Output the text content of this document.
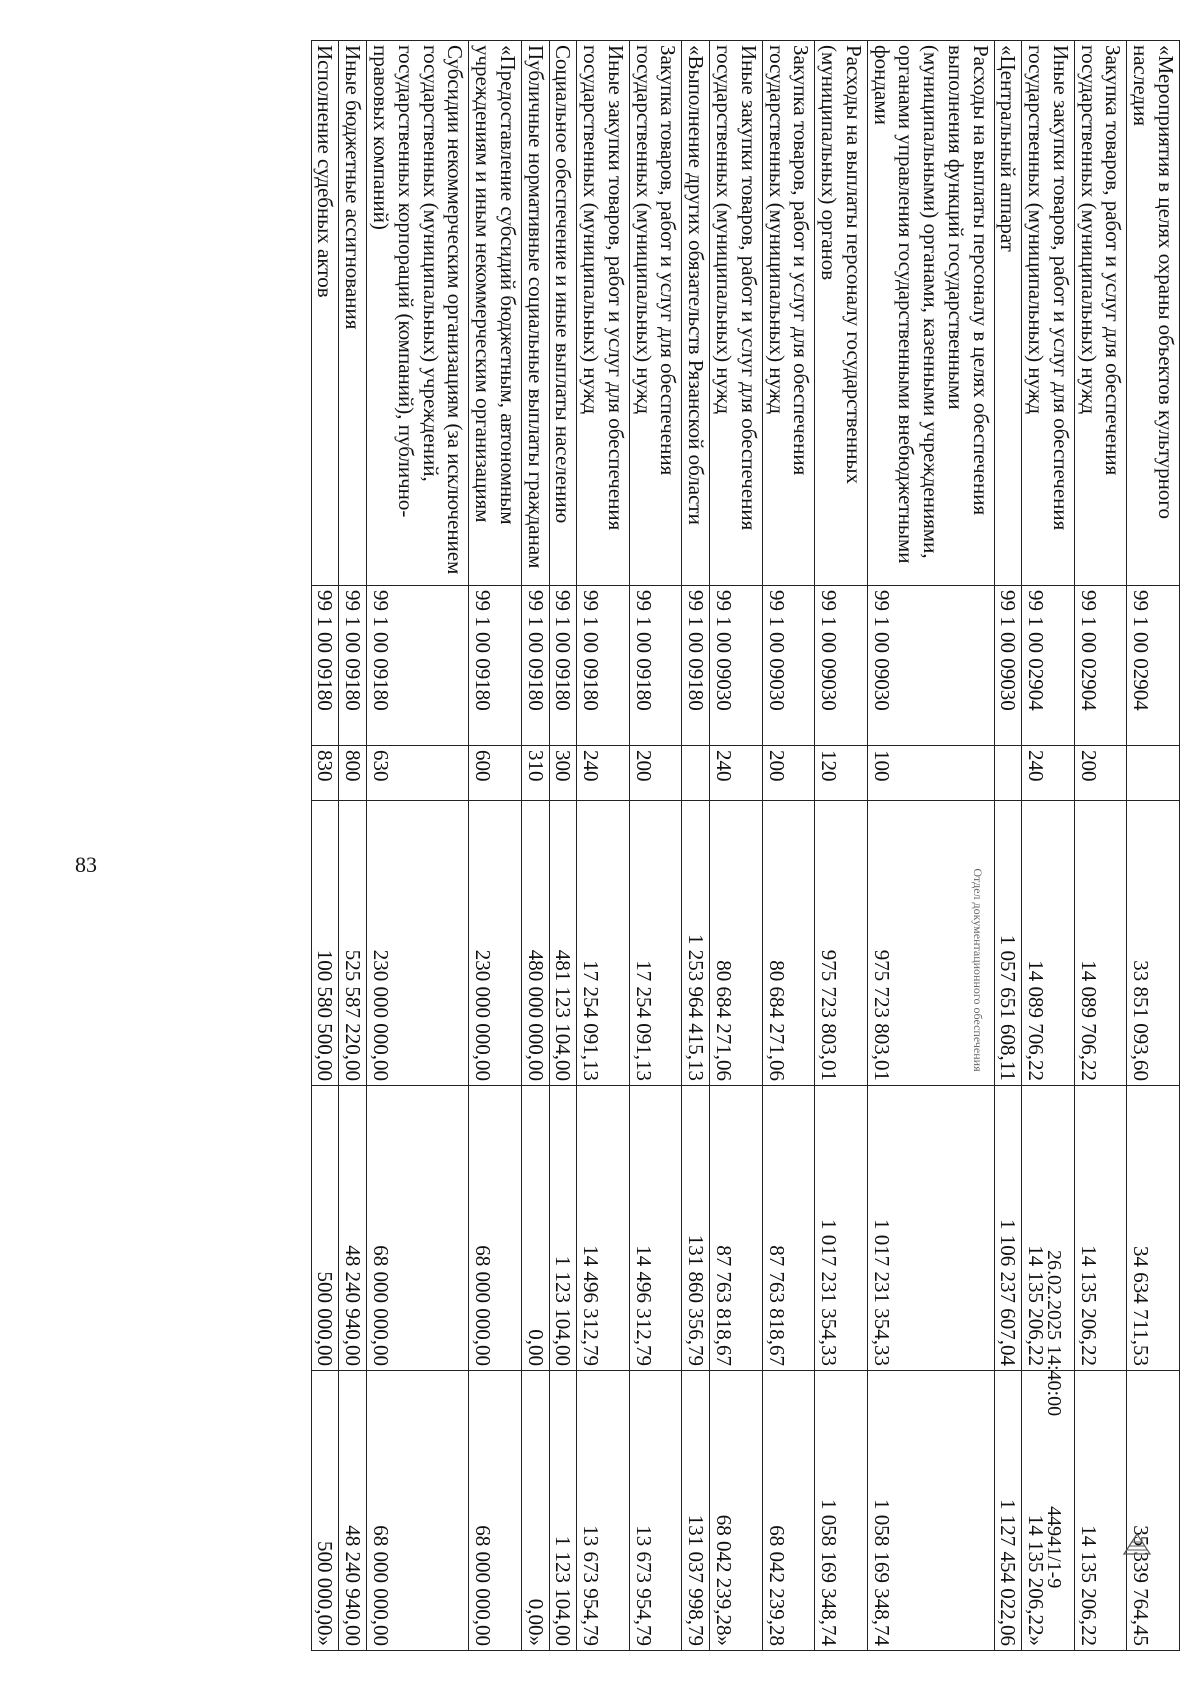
83
«Мероприятия в целях охраны объектов культурного наследия	99 1 00 02904		33 851 093,60	34 634 711,53	35 339 764,45
Закупка товаров, работ и услуг для обеспечения государственных (муниципальных) нужд	99 1 00 02904	200	14 089 706,22	14 135 206,22	14 135 206,22
Иные закупки товаров, работ и услуг для обеспечения государственных (муниципальных) нужд	99 1 00 02904	240	14 089 706,22	14 135 206,22	14 135 206,22»
«Центральный аппарат	99 1 00 09030		1 057 651 608,11	1 106 237 607,04	1 127 454 022,06
Расходы на выплаты персоналу в целях обеспечения выполнения функций государственными (муниципальными) органами, казенными учреждениями, органами управления государственными внебюджетными фондами	99 1 00 09030	100	975 723 803,01	1 017 231 354,33	1 058 169 348,74
Расходы на выплаты персоналу государственных (муниципальных) органов	99 1 00 09030	120	975 723 803,01	1 017 231 354,33	1 058 169 348,74
Закупка товаров, работ и услуг для обеспечения государственных (муниципальных) нужд	99 1 00 09030	200	80 684 271,06	87 763 818,67	68 042 239,28
Иные закупки товаров, работ и услуг для обеспечения государственных (муниципальных) нужд	99 1 00 09030	240	80 684 271,06	87 763 818,67	68 042 239,28»
«Выполнение других обязательств Рязанской области	99 1 00 09180		1 253 964 415,13	131 860 356,79	131 037 998,79
Закупка товаров, работ и услуг для обеспечения государственных (муниципальных) нужд	99 1 00 09180	200	17 254 091,13	14 496 312,79	13 673 954,79
Иные закупки товаров, работ и услуг для обеспечения государственных (муниципальных) нужд	99 1 00 09180	240	17 254 091,13	14 496 312,79	13 673 954,79
Социальное обеспечение и иные выплаты населению	99 1 00 09180	300	481 123 104,00	1 123 104,00	1 123 104,00
Публичные нормативные социальные выплаты гражданам	99 1 00 09180	310	480 000 000,00	0,00	0,00»
«Предоставление субсидий бюджетным, автономным учреждениям и иным некоммерческим организациям	99 1 00 09180	600	230 000 000,00	68 000 000,00	68 000 000,00
Субсидии некоммерческим организациям (за исключением государственных (муниципальных) учреждений, государственных корпораций (компаний), публично-правовых компаний)	99 1 00 09180	630	230 000 000,00	68 000 000,00	68 000 000,00
Иные бюджетные ассигнования	99 1 00 09180	800	525 587 220,00	48 240 940,00	48 240 940,00
Исполнение судебных актов	99 1 00 09180	830	100 580 500,00	500 000,00	500 000,00»
Отдел документационного обеспечения
26.02.2025 14:40:00  44941/1-9
